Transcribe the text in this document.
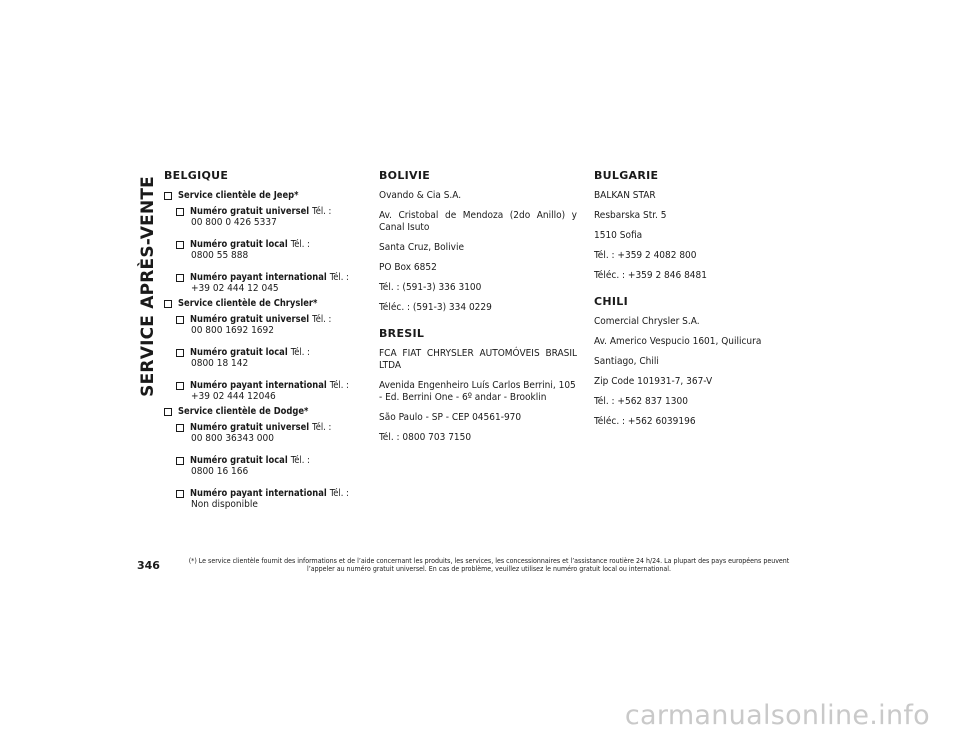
SERVICE APRÈS-VENTE
BELGIQUE
Service clientèle de Jeep*
Numéro gratuit universel Tél. :
00 800 0 426 5337
Numéro gratuit local Tél. :
0800 55 888
Numéro payant international Tél. :
+39 02 444 12 045
Service clientèle de Chrysler*
Numéro gratuit universel Tél. :
00 800 1692 1692
Numéro gratuit local Tél. :
0800 18 142
Numéro payant international Tél. :
+39 02 444 12046
Service clientèle de Dodge*
Numéro gratuit universel Tél. :
00 800 36343 000
Numéro gratuit local Tél. :
0800 16 166
Numéro payant international Tél. :
Non disponible
BOLIVIE

Ovando & Cia S.A.

Av. Cristobal de Mendoza (2do Anillo) y Canal Isuto

Santa Cruz, Bolivie

PO Box 6852

Tél. : (591-3) 336 3100

Téléc. : (591-3) 334 0229

BRESIL

FCA FIAT CHRYSLER AUTOMÓVEIS BRASIL LTDA

Avenida Engenheiro Luís Carlos Berrini, 105 - Ed. Berrini One - 6º andar - Brooklin

São Paulo - SP - CEP 04561-970

Tél. : 0800 703 7150

BULGARIE

BALKAN STAR

Resbarska Str. 5

1510 Sofia

Tél. : +359 2 4082 800

Téléc. : +359 2 846 8481

CHILI

Comercial Chrysler S.A.

Av. Americo Vespucio 1601, Quilicura

Santiago, Chili

Zip Code 101931-7, 367-V

Tél. : +562 837 1300

Téléc. : +562 6039196

346	(*) Le service clientèle fournit des informations et de l’aide concernant les produits, les services, les concessionnaires et l’assistance routière 24 h/24. La plupart des pays européens peuvent l’appeler au numéro gratuit universel. En cas de problème, veuillez utilisez le numéro gratuit local ou international.
carmanualsonline.info
